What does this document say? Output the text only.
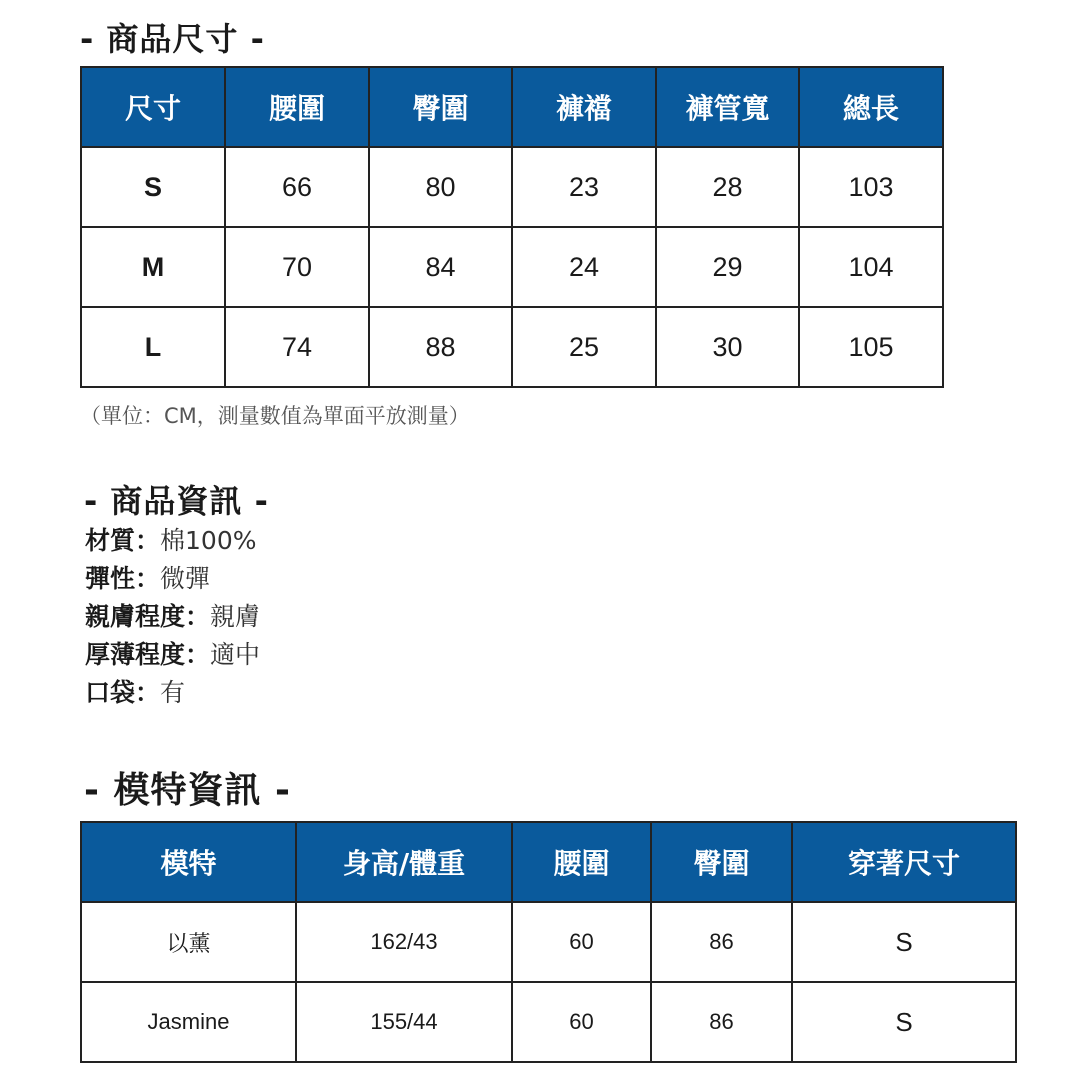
- 商品尺寸 -
尺寸	腰圍	臀圍	褲襠	褲管寬	總長
S	66	80	23	28	103
M	70	84	24	29	104
L	74	88	25	30	105
（單位：CM，測量數值為單面平放測量）
- 商品資訊 -
材質：棉100%
彈性：微彈
親膚程度：親膚
厚薄程度：適中
口袋：有
- 模特資訊 -
模特	身高/體重	腰圍	臀圍	穿著尺寸
以薰	162/43	60	86	S
Jasmine	155/44	60	86	S
